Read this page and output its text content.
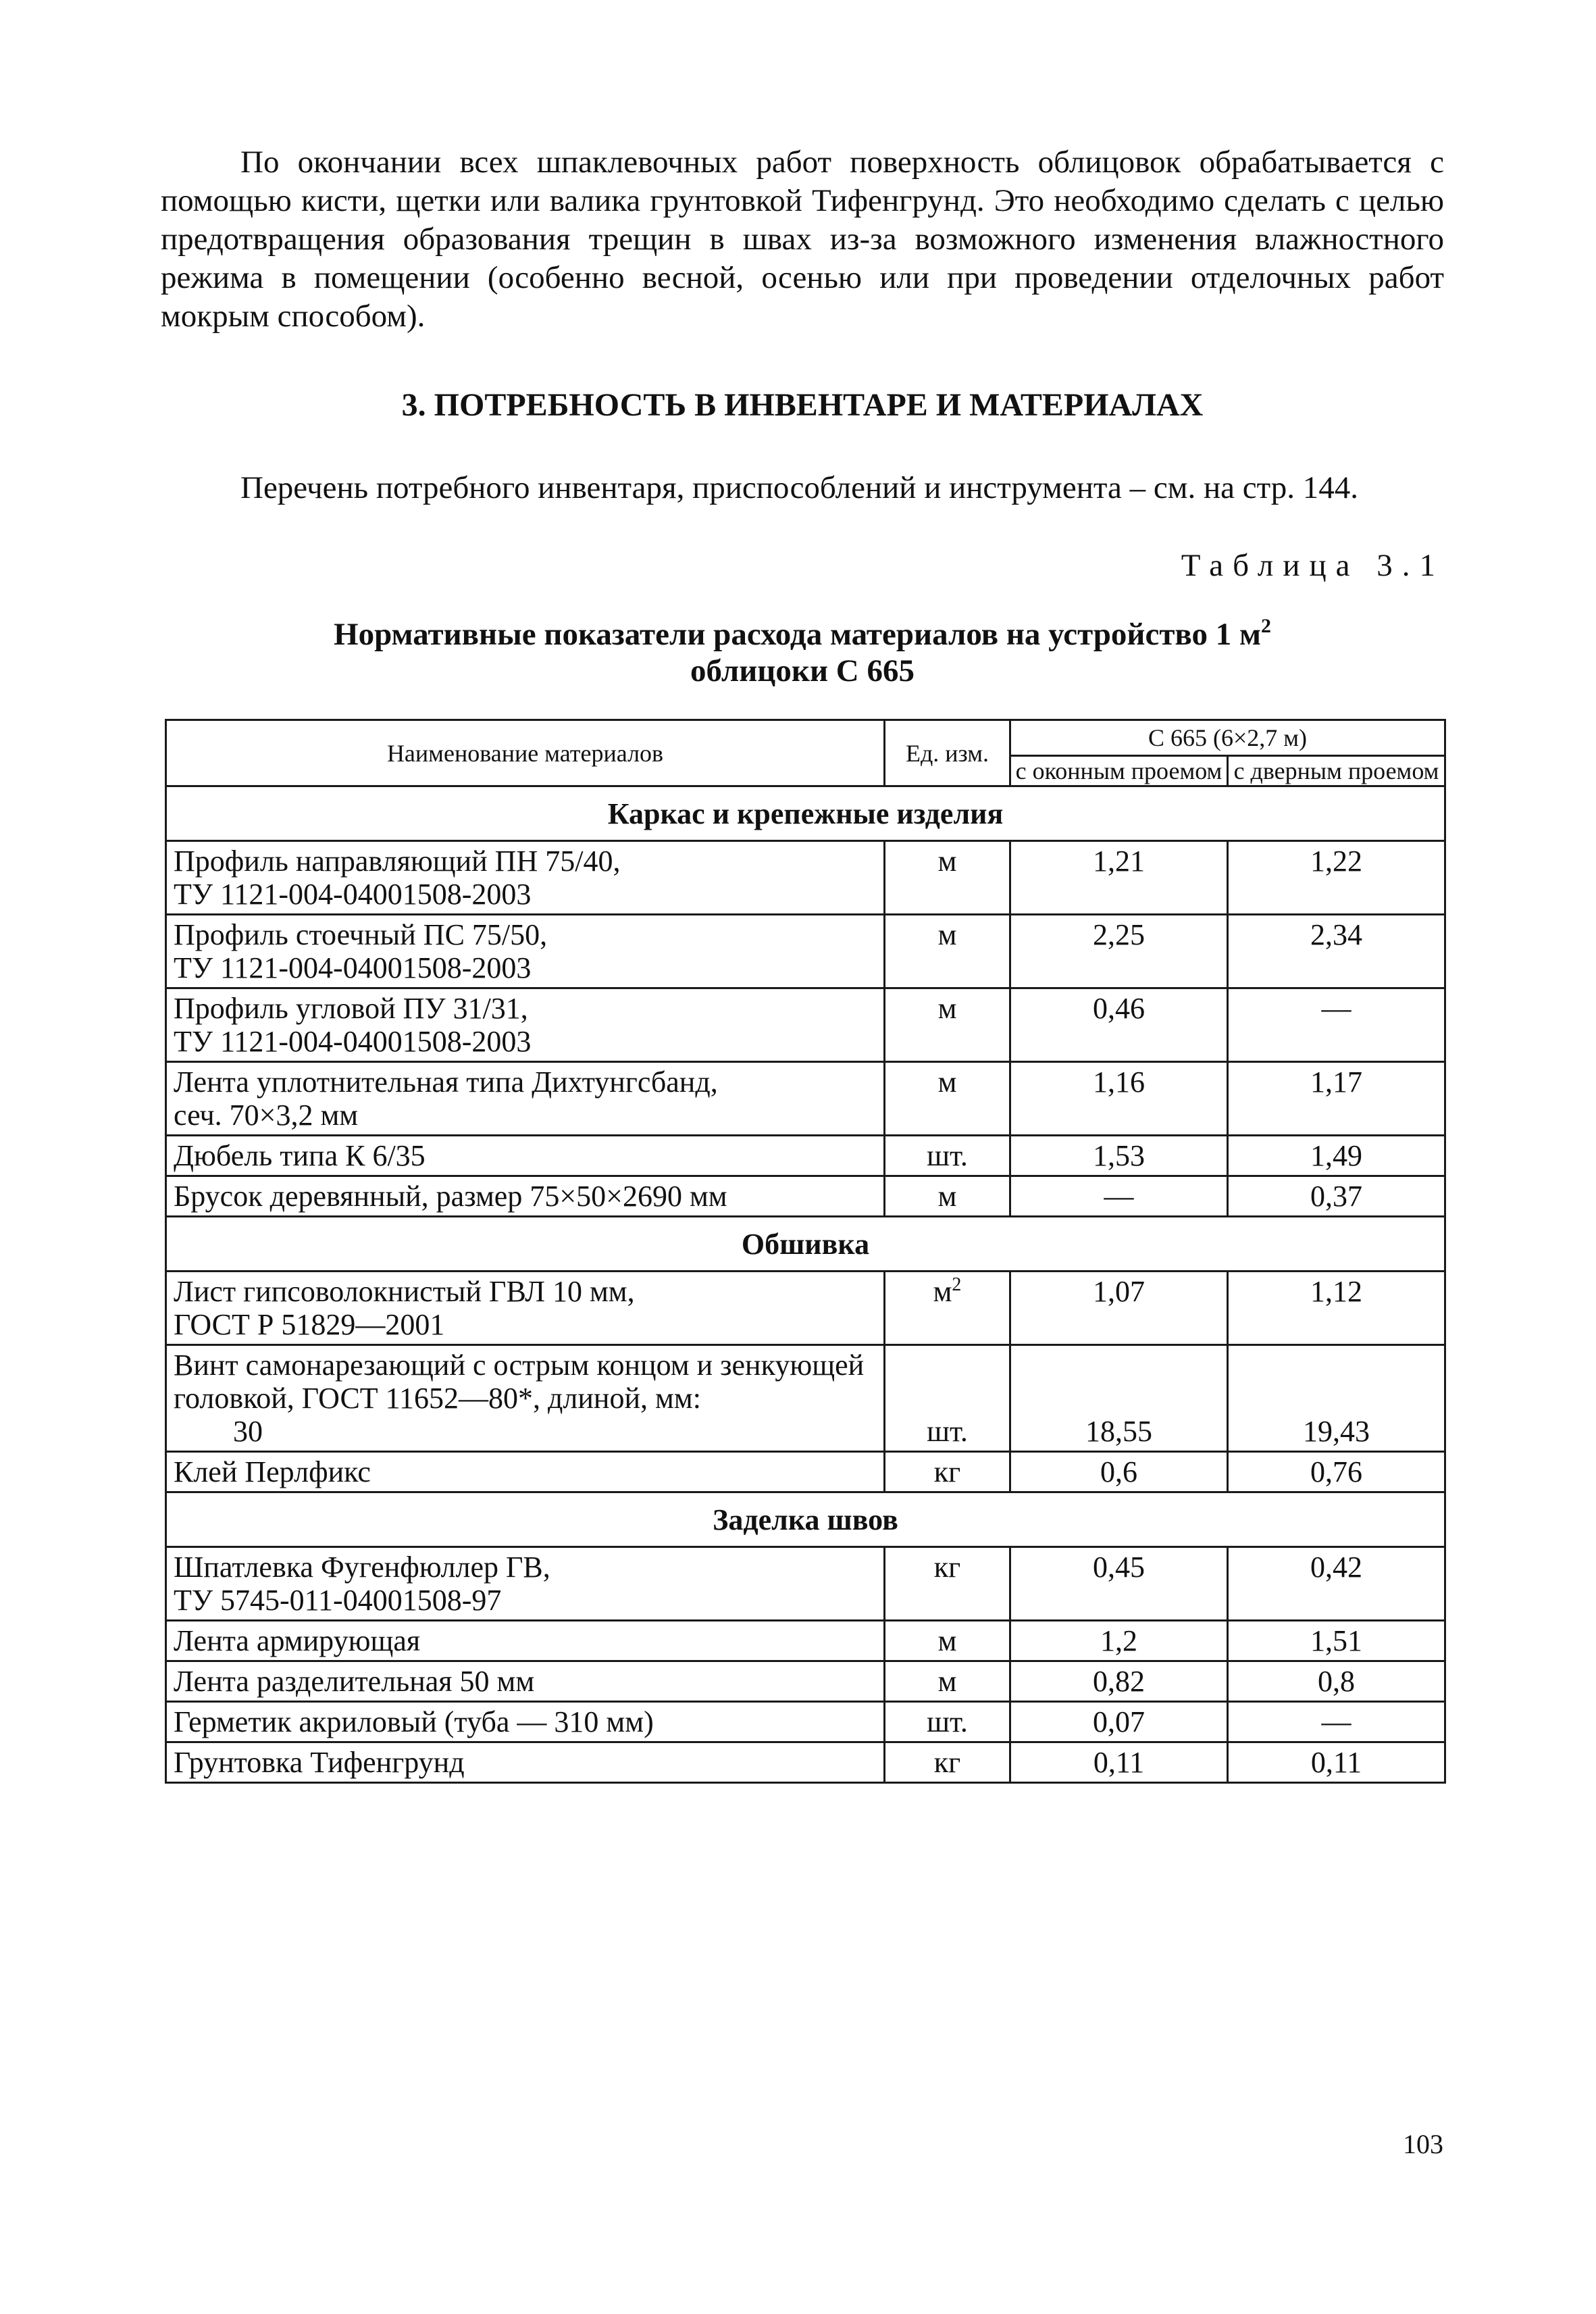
По окончании всех шпаклевочных работ поверхность облицовок обрабатывается с помощью кисти, щетки или валика грунтовкой Тифенгрунд. Это необходимо сделать с целью предотвращения образования трещин в швах из-за возможного изменения влажностного режима в помещении (особенно весной, осенью или при проведении отделочных работ мокрым способом).

3. ПОТРЕБНОСТЬ В ИНВЕНТАРЕ И МАТЕРИАЛАХ

Перечень потребного инвентаря, приспособлений и инструмента – см. на стр. 144.

Таблица 3.1

Нормативные показатели расхода материалов на устройство 1 $м^2$
облицоки С 665
Наименование материалов	Ед. изм.	С 665 (6×2,7 м)	
		с оконным проемом	с дверным проемом
Каркас и крепежные изделия			
Профиль направляющий ПН 75/40,
ТУ 1121-004-04001508-2003	м	1,21	1,22
Профиль стоечный ПС 75/50,
ТУ 1121-004-04001508-2003	м	2,25	2,34
Профиль угловой ПУ 31/31,
ТУ 1121-004-04001508-2003	м	0,46	—
Лента уплотнительная типа Дихтунгсбанд,
сеч. 70×3,2 мм	м	1,16	1,17
Дюбель типа К 6/35	шт.	1,53	1,49
Брусок деревянный, размер 75×50×2690 мм	м	—	0,37
Обшивка			
Лист гипсоволокнистый ГВЛ 10 мм,
ГОСТ Р 51829—2001	$м^2$	1,07	1,12
Винт самонарезающий с острым концом и зенкующей головкой, ГОСТ 11652—80*, длиной, мм:
30	шт.	18,55	19,43
Клей Перлфикс	кг	0,6	0,76
Заделка швов			
Шпатлевка Фугенфюллер ГВ,
ТУ 5745-011-04001508-97	кг	0,45	0,42
Лента армирующая	м	1,2	1,51
Лента разделительная 50 мм	м	0,82	0,8
Герметик акриловый (туба — 310 мм)	шт.	0,07	—
Грунтовка Тифенгрунд	кг	0,11	0,11

103
